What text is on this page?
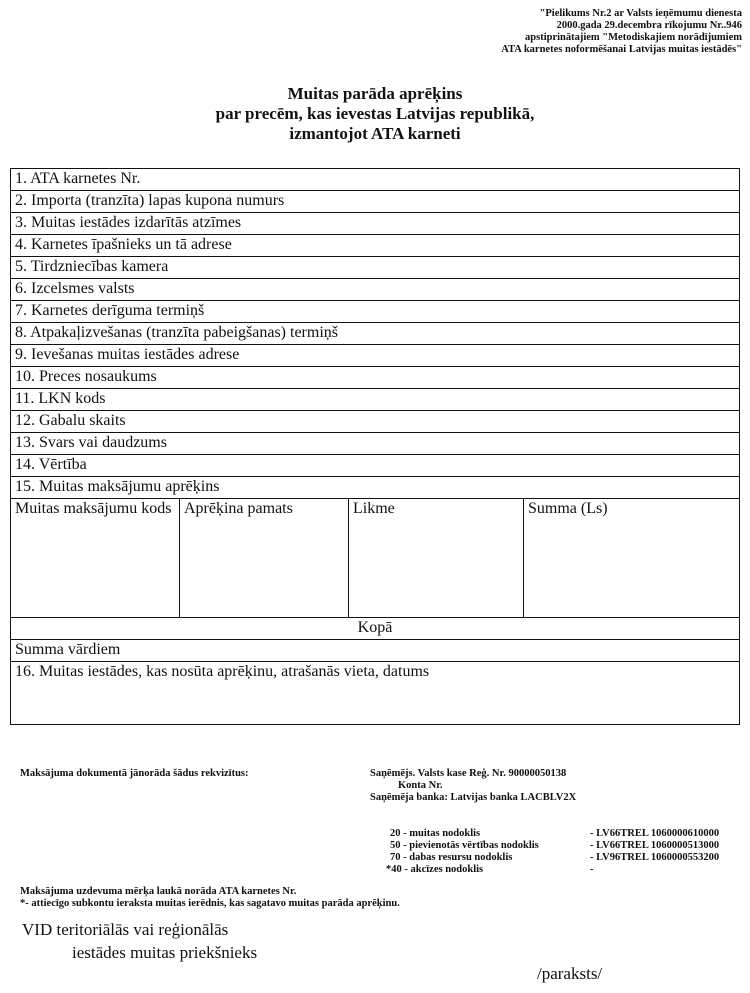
"Pielikums Nr.2 ar Valsts ieņēmumu dienesta
2000.gada 29.decembra rīkojumu Nr..946
apstiprinātajiem "Metodiskajiem norādījumiem
ATA karnetes noformēšanai Latvijas muitas iestādēs"
Muitas parāda aprēķins
par precēm, kas ievestas Latvijas republikā,
izmantojot ATA karneti
1. ATA karnetes Nr.
2. Importa (tranzīta) lapas kupona numurs
3. Muitas iestādes izdarītās atzīmes
4. Karnetes īpašnieks un tā adrese
5. Tirdzniecības kamera
6. Izcelsmes valsts
7. Karnetes derīguma termiņš
8. Atpakaļizvešanas (tranzīta pabeigšanas) termiņš
9. Ievešanas muitas iestādes adrese
10. Preces nosaukums
11. LKN kods
12. Gabalu skaits
13. Svars vai daudzums
14. Vērtība
15. Muitas maksājumu aprēķins
Muitas maksājumu kods	Aprēķina pamats	Likme	Summa (Ls)
Kopā
Summa vārdiem
16. Muitas iestādes, kas nosūta aprēķinu, atrašanās vieta, datums
Maksājuma dokumentā jānorāda šādus rekvizītus:	Saņēmējs. Valsts kase Reģ. Nr. 90000050138
Konta Nr.
Saņēmēja banka: Latvijas banka LACBLV2X
20 - muitas nodoklis	- LV66TREL 1060000610000
50 - pievienotās vērtības nodoklis	- LV66TREL 1060000513000
70 - dabas resursu nodoklis	- LV96TREL 1060000553200
*40 - akcīzes nodoklis	-
Maksājuma uzdevuma mērķa laukā norāda ATA karnetes Nr.
*- attiecīgo subkontu ieraksta muitas ierēdnis, kas sagatavo muitas parāda aprēķinu.
VID teritoriālās vai reģionālās
iestādes muitas priekšnieks
/paraksts/
